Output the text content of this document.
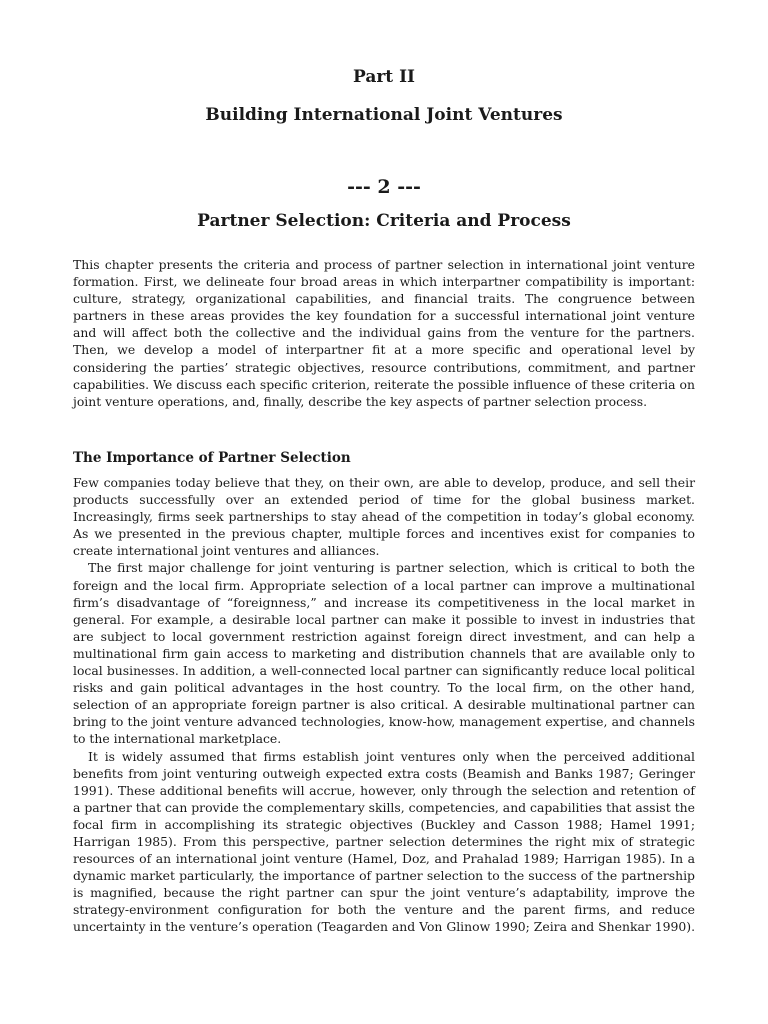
Part II
Building International Joint Ventures
--- 2 ---
Partner Selection: Criteria and Process

This chapter presents the criteria and process of partner selection in international joint venture formation. First, we delineate four broad areas in which interpartner compatibility is important: culture, strategy, organizational capabilities, and financial traits. The congruence between partners in these areas provides the key foundation for a successful international joint venture and will affect both the collective and the individual gains from the venture for the partners. Then, we develop a model of interpartner fit at a more specific and operational level by considering the parties’ strategic objectives, resource contributions, commitment, and partner capabilities. We discuss each specific criterion, reiterate the possible influence of these criteria on joint venture operations, and, finally, describe the key aspects of partner selection process.

The Importance of Partner Selection

Few companies today believe that they, on their own, are able to develop, produce, and sell their products successfully over an extended period of time for the global business market. Increasingly, firms seek partnerships to stay ahead of the competition in today’s global economy. As we presented in the previous chapter, multiple forces and incentives exist for companies to create international joint ventures and alliances.

The first major challenge for joint venturing is partner selection, which is critical to both the foreign and the local firm. Appropriate selection of a local partner can improve a multinational firm’s disadvantage of “foreignness,” and increase its competitiveness in the local market in general. For example, a desirable local partner can make it possible to invest in industries that are subject to local government restriction against foreign direct investment, and can help a multinational firm gain access to marketing and distribution channels that are available only to local businesses. In addition, a well-connected local partner can significantly reduce local political risks and gain political advantages in the host country. To the local firm, on the other hand, selection of an appropriate foreign partner is also critical. A desirable multinational partner can bring to the joint venture advanced technologies, know-how, management expertise, and channels to the international marketplace.

It is widely assumed that firms establish joint ventures only when the perceived additional benefits from joint venturing outweigh expected extra costs (Beamish and Banks 1987; Geringer 1991). These additional benefits will accrue, however, only through the selection and retention of a partner that can provide the complementary skills, competencies, and capabilities that assist the focal firm in accomplishing its strategic objectives (Buckley and Casson 1988; Hamel 1991; Harrigan 1985). From this perspective, partner selection determines the right mix of strategic resources of an international joint venture (Hamel, Doz, and Prahalad 1989; Harrigan 1985). In a dynamic market particularly, the importance of partner selection to the success of the partnership is magnified, because the right partner can spur the joint venture’s adaptability, improve the strategy-environment configuration for both the venture and the parent firms, and reduce uncertainty in the venture’s operation (Teagarden and Von Glinow 1990; Zeira and Shenkar 1990).
